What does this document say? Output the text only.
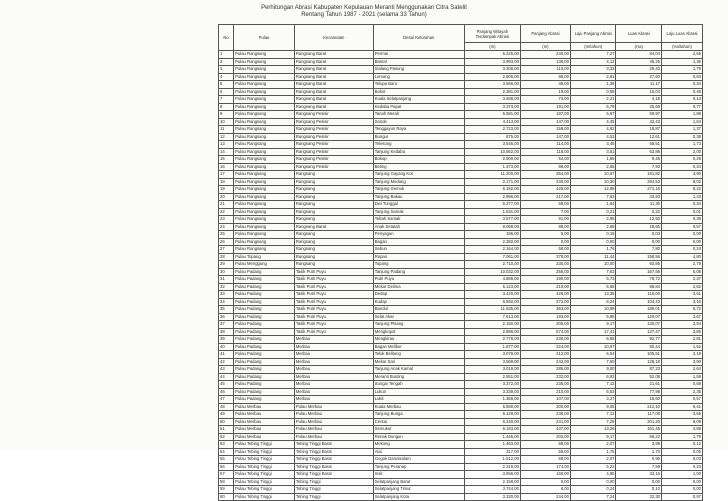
Perhitungan Abrasi Kabupaten Kepulauan Meranti Menggunakan Citra Satelit
Rentang Tahun 1987 - 2021 (selama 33 Tahun)
No	Pulau	Kecamatan	Desa/ Kelurahan	Panjang Wilayah Terdampak Abrasi	Panjang Abrasi	Laju Panjang Abrasi	Luas Abrasi	Laju Luas Abrasi
				(m)	(m)	(m/tahun)	(Ha)	(Ha/tahun)
1	Pulau Rangsang	Rangsang Barat	Permai	5.225,00	240,00	7,27	84,04	2,55
2	Pulau Rangsang	Rangsang Barat	Bantar	3.993,00	136,00	4,12	45,25	1,36
3	Pulau Rangsang	Rangsang Barat	Sialang Pasung	3.308,00	110,00	3,33	29,43	1,79
4	Pulau Rangsang	Rangsang Barat	Lemang	2.906,00	86,00	2,61	27,60	0,84
5	Pulau Rangsang	Rangsang Barat	Telupa Baru	3.566,00	45,00	1,36	11,17	0,34
6	Pulau Rangsang	Rangsang Barat	Bokor	2.381,00	19,00	0,58	15,04	0,46
7	Pulau Rangsang	Rangsang Barat	Kuala Selatpanjang	3.488,00	73,00	2,21	4,18	0,13
8	Pulau Rangsang	Rangsang Barat	Kedaba Papat	3.374,00	191,00	5,79	25,69	0,77
9	Pulau Rangsang	Rangsang Pesisir	Tanah Merah	5.581,00	187,00	5,67	59,97	1,86
10	Pulau Rangsang	Rangsang Pesisir	Sonde	4.413,00	147,00	4,45	42,43	1,84
11	Pulau Rangsang	Rangsang Pesisir	Tenggayun Raya	2.723,00	159,00	4,82	18,87	1,37
12	Pulau Rangsang	Rangsang Pesisir	Bungur	675,00	147,00	4,53	12,61	0,38
13	Pulau Rangsang	Rangsang Pesisir	Telesung	3.546,00	114,00	3,46	55,51	1,73
14	Pulau Rangsang	Rangsang Pesisir	Tanjung Kedabu	10.562,00	116,00	3,51	63,86	2,00
15	Pulau Rangsang	Rangsang Pesisir	Bokop	2.900,00	54,00	1,65	9,46	0,29
16	Pulau Rangsang	Rangsang Pesisir	Beting	1.373,00	86,00	2,65	7,93	0,24
17	Pulau Rangsang	Rangsang	Tanjung Gayang Kot	11.200,00	354,00	10,67	161,82	4,90
18	Pulau Rangsang	Rangsang	Tanjung Medang	2.171,00	340,00	10,30	264,53	8,02
19	Pulau Rangsang	Rangsang	Tanjung Gemuk	6.192,00	425,00	12,88	271,16	8,22
20	Pulau Rangsang	Rangsang	Tanjung Bakau	2.996,00	217,00	7,63	43,93	1,33
21	Pulau Rangsang	Rangsang	Dwi Tunggal	5.277,00	58,00	1,84	11,30	0,34
22	Pulau Rangsang	Rangsang	Tanjung Samak	1.531,00	7,00	0,21	0,22	0,01
23	Pulau Rangsang	Rangsang	Tebah Samak	3.577,00	91,00	2,96	12,50	0,38
24	Pulau Rangsang	Rangsang Barat	Anak Setatah	8.069,00	89,00	2,68	18,65	0,57
25	Pulau Rangsang	Rangsang	Penyagun	186,00	5,00	0,15	0,03	0,00
26	Pulau Rangsang	Rangsang	Bagan	2.382,00	0,00	0,00	0,00	0,00
27	Pulau Rangsang	Rangsang	Sebun	2.164,00	58,00	1,76	7,80	0,24
28	Pulau Topang	Rangsang	Repan	7.061,00	378,00	11,44	158,56	4,80
29	Pulau Menggung	Rangsang	Topang	2.710,00	330,00	10,00	92,85	2,79
30	Pulau Padang	Tasik Putri Puyu	Tanjung Padang	10.032,00	255,00	7,63	167,56	5,08
31	Pulau Padang	Tasik Putri Puyu	Putri Puyu	4.886,00	190,00	5,73	78,72	2,37
32	Pulau Padang	Tasik Putri Puyu	Mekar Delima	5.123,00	219,00	6,68	86,84	2,62
33	Pulau Padang	Tasik Putri Puyu	Dedap	3.420,00	426,00	13,35	116,00	3,51
34	Pulau Padang	Tasik Putri Puyu	Kudap	6.592,00	272,00	8,24	104,43	3,16
35	Pulau Padang	Tasik Putri Puyu	Bandul	11.635,00	363,00	10,99	189,01	5,72
36	Pulau Padang	Tasik Putri Puyu	Selat Akar	7.613,00	193,00	5,86	120,07	3,67
37	Pulau Padang	Tasik Putri Puyu	Tanjung Pisang	2.150,00	305,00	9,17	130,07	3,94
38	Pulau Padang	Tasik Putri Puyu	Mengkopot	2.886,00	574,00	17,41	127,47	3,86
39	Pulau Padang	Merbau	Mengkirau	2.778,00	230,00	6,58	92,77	2,81
40	Pulau Padang	Merbau	Bagan Melibur	1.877,00	324,00	10,07	50,44	1,52
41	Pulau Padang	Merbau	Teluk Belitung	3.079,00	212,00	6,54	105,51	3,19
42	Pulau Padang	Merbau	Mekar Sari	3.569,00	242,00	7,60	128,18	3,90
43	Pulau Padang	Merbau	Tanjung Anak Kamal	3.019,00	285,00	9,00	87,23	2,64
44	Pulau Padang	Merbau	Meranti Bunting	2.551,00	232,00	6,93	52,06	1,59
45	Pulau Padang	Merbau	Sungai Tengah	3.372,00	235,00	7,12	21,61	0,68
46	Pulau Padang	Merbau	Lukun	3.339,00	210,00	6,53	77,98	2,35
47	Pulau Padang	Merbau	Lukit	1.366,00	107,00	3,27	18,60	0,57
48	Pulau Merbau	Pulau Merbau	Kuala Merbau	5.590,00	300,00	9,05	212,10	6,41
49	Pulau Merbau	Pulau Merbau	Tanjung Bunga	5.129,00	236,00	7,12	117,08	3,55
50	Pulau Merbau	Pulau Merbau	Centai	6.240,00	241,00	7,29	201,20	6,09
51	Pulau Merbau	Pulau Merbau	Semukut	6.193,00	437,00	13,26	161,46	4,89
52	Pulau Merbau	Pulau Merbau	Renak Dungun	1.445,00	302,00	9,17	59,22	1,79
53	Pulau Tebing Tinggi	Tebing Tinggi Barat	Mekong	1.463,00	68,00	2,07	3,99	0,12
54	Pulau Tebing Tinggi	Tebing Tinggi Barat	Alai	317,00	58,00	1,75	1,70	0,05
55	Pulau Tebing Tinggi	Tebing Tinggi Barat	Gogok Darussalam	1.512,00	68,00	2,07	0,96	0,03
56	Pulau Tebing Tinggi	Tebing Tinggi Barat	Tanjung Peranap	2.316,00	174,00	5,22	7,59	0,23
57	Pulau Tebing Tinggi	Tebing Tinggi Barat	Insit	3.656,00	160,00	4,85	33,16	1,00
58	Pulau Tebing Tinggi	Tebing Tinggi	Selatpanjang Barat	2.158,00	0,00	0,00	0,00	0,00
59	Pulau Tebing Tinggi	Tebing Tinggi	Selatpanjang Timur	3.744,00	8,00	0,24	0,10	0,00
60	Pulau Tebing Tinggi	Tebing Tinggi	Selatpanjang Kota	3.320,00	244,00	7,24	32,30	0,97
